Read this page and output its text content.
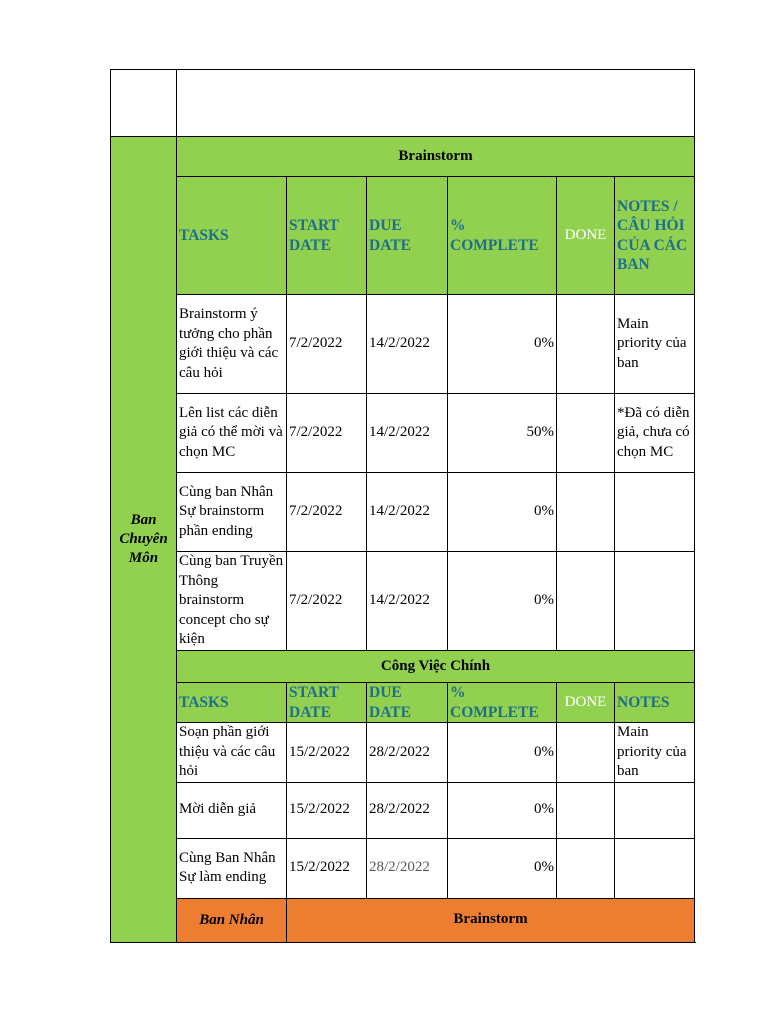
Ban Chuyên Môn	Brainstorm					
	TASKS	START DATE	DUE DATE	% COMPLETE	DONE	NOTES / CÂU HỎI CỦA CÁC BAN
	Brainstorm ý tưởng cho phần giới thiệu và các câu hỏi	7/2/2022	14/2/2022	0%		Main priority của ban
	Lên list các diễn giả có thể mời và chọn MC	7/2/2022	14/2/2022	50%		*Đã có diễn giả, chưa có chọn MC
	Cùng ban Nhân Sự brainstorm phần ending	7/2/2022	14/2/2022	0%		
	Cùng ban Truyền Thông brainstorm concept cho sự kiện	7/2/2022	14/2/2022	0%		
	Công Việc Chính					
	TASKS	START DATE	DUE DATE	% COMPLETE	DONE	NOTES
	Soạn phần giới thiệu và các câu hỏi	15/2/2022	28/2/2022	0%		Main priority của ban
	Mời diễn giả	15/2/2022	28/2/2022	0%		
	Cùng Ban Nhân Sự làm ending	15/2/2022	28/2/2022	0%		
	Ban Nhân	Brainstorm				
